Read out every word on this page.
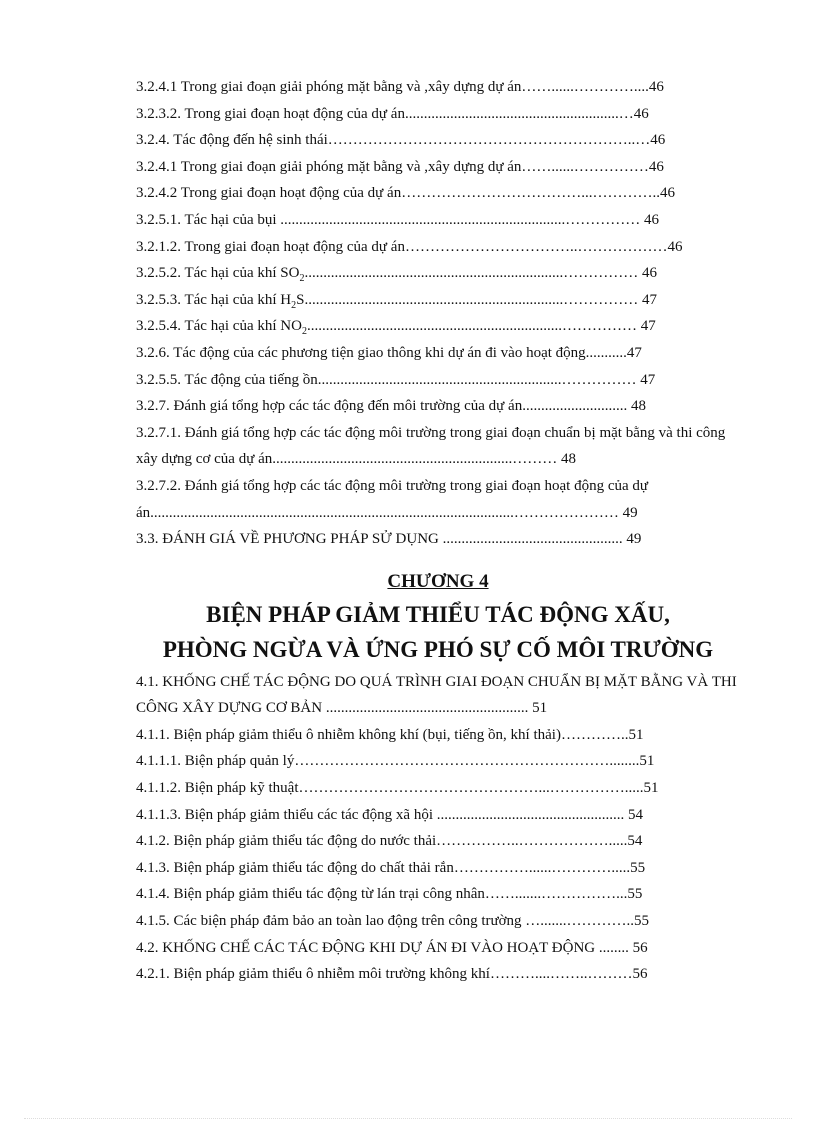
3.2.4.1 Trong giai đoạn giải phóng mặt bằng và ,xây dựng dự án……......…………....46
3.2.3.2. Trong giai đoạn hoạt động của dự án.........................................................…46
3.2.4. Tác động đến hệ sinh thái……………………………………………………..…46
3.2.4.1 Trong giai đoạn giải phóng mặt bằng và ,xây dựng dự án……......……………46
3.2.4.2 Trong giai đoạn hoạt động của dự án………………………………...…………..46
3.2.5.1. Tác hại của bụi ............................................................................…………… 46
3.2.1.2. Trong giai đoạn hoạt động của dự án……………………………..………………46
3.2.5.2. Tác hại của khí $SO_2.....................................................................\dots\dots\dots\dots\dots$ 46
3.2.5.3. Tác hại của khí $H_2S.....................................................................\dots\dots\dots\dots\dots$ 47
3.2.5.4. Tác hại của khí $NO_2....................................................................\dots\dots\dots\dots\dots$ 47
3.2.6. Tác động của các phương tiện giao thông khi dự án đi vào hoạt động...........47
3.2.5.5. Tác động của tiếng ồn.................................................................…………… 47
3.2.7. Đánh giá tổng hợp các tác động đến môi trường của dự án............................ 48
3.2.7.1. Đánh giá tổng hợp các tác động môi trường trong giai đoạn chuẩn bị mặt bằng và thi công xây dựng cơ của dự án................................................................……… 48
3.2.7.2. Đánh giá tổng hợp các tác động môi trường trong giai đoạn hoạt động của dự án.................................................................................................………………… 49
3.3. ĐÁNH GIÁ VỀ PHƯƠNG PHÁP SỬ DỤNG ................................................ 49
CHƯƠNG 4
BIỆN PHÁP GIẢM THIỂU TÁC ĐỘNG XẤU,
PHÒNG NGỪA VÀ ỨNG PHÓ SỰ CỐ MÔI TRƯỜNG
4.1. KHỐNG CHẾ TÁC ĐỘNG DO QUÁ TRÌNH GIAI ĐOẠN CHUẨN BỊ MẶT BẰNG VÀ THI CÔNG XÂY DỰNG CƠ BẢN ...................................................... 51
4.1.1. Biện pháp giảm thiểu ô nhiễm không khí (bụi, tiếng ồn, khí thải)…………..51
4.1.1.1. Biện pháp quản lý………………………………………………………........51
4.1.1.2. Biện pháp kỹ thuật…………………………………………...…………….....51
4.1.1.3. Biện pháp giảm thiểu các tác động xã hội .................................................. 54
4.1.2. Biện pháp giảm thiểu tác động do nước thải……………..……………….....54
4.1.3. Biện pháp giảm thiểu tác động do chất thải rắn……………......………….....55
4.1.4. Biện pháp giảm thiểu tác động từ lán trại công nhân…….......……………...55
4.1.5. Các biện pháp đảm bảo an toàn lao động trên công trường ….......…………..55
4.2. KHỐNG CHẾ CÁC TÁC ĐỘNG KHI DỰ ÁN ĐI VÀO HOẠT ĐỘNG ........ 56
4.2.1. Biện pháp giảm thiểu ô nhiễm môi trường không khí………....……..………56
